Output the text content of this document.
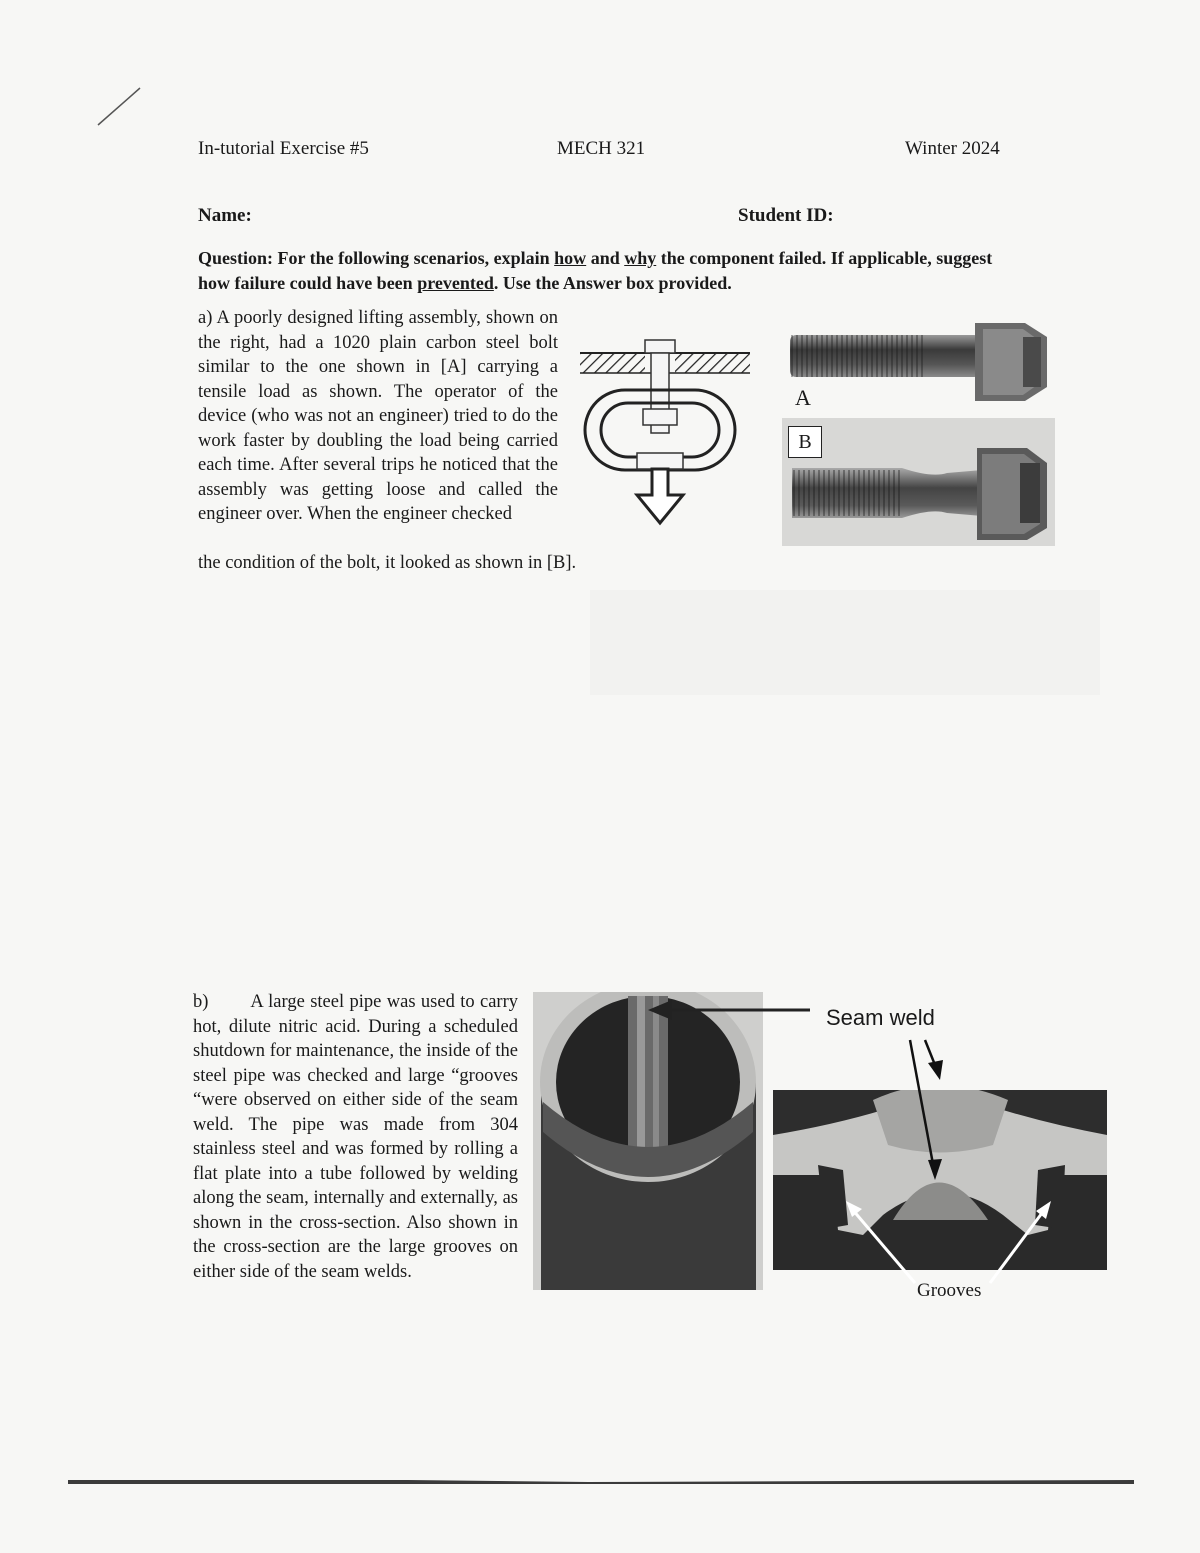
In-tutorial Exercise #5	MECH 321	Winter 2024
Name:	Student ID:
Question: For the following scenarios, explain how and why the component failed. If applicable, suggest how failure could have been prevented. Use the Answer box provided.
a) A poorly designed lifting assembly, shown on the right, had a 1020 plain carbon steel bolt similar to the one shown in [A] carrying a tensile load as shown. The operator of the device (who was not an engineer) tried to do the work faster by doubling the load being carried each time. After several trips he noticed that the assembly was getting loose and called the engineer over. When the engineer checked
the condition of the bolt, it looked as shown in [B].
A
B
b) A large steel pipe was used to carry hot, dilute nitric acid. During a scheduled shutdown for maintenance, the inside of the steel pipe was checked and large “grooves “were observed on either side of the seam weld. The pipe was made from 304 stainless steel and was formed by rolling a flat plate into a tube followed by welding along the seam, internally and externally, as shown in the cross-section. Also shown in the cross-section are the large grooves on either side of the seam welds.
Seam weld
Grooves
